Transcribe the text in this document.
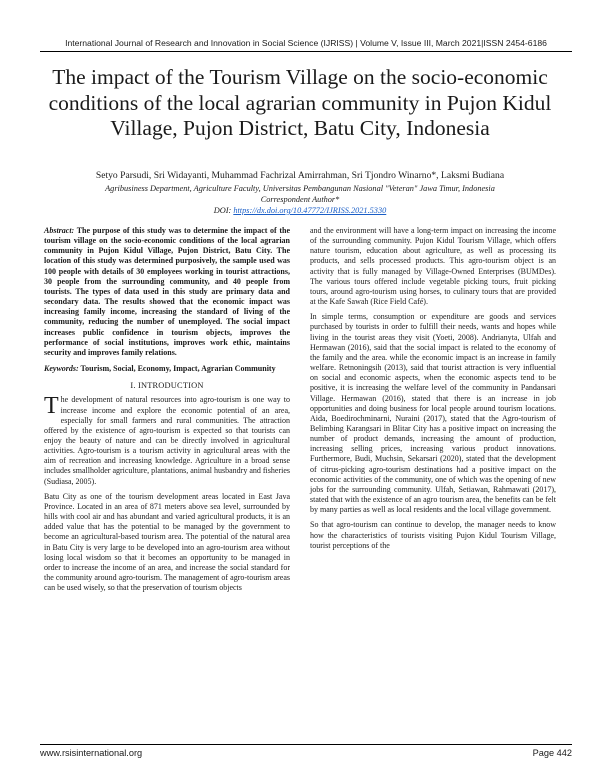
International Journal of Research and Innovation in Social Science (IJRISS) | Volume V, Issue III, March 2021|ISSN 2454-6186
The impact of the Tourism Village on the socio-economic conditions of the local agrarian community in Pujon Kidul Village, Pujon District, Batu City, Indonesia
Setyo Parsudi, Sri Widayanti, Muhammad Fachrizal Amirrahman, Sri Tjondro Winarno*, Laksmi Budiana
Agribusiness Department, Agriculture Faculty, Universitas Pembangunan Nasional "Veteran" Jawa Timur, Indonesia
Correspondent Author*
DOI: https://dx.doi.org/10.47772/IJRISS.2021.5330

Abstract: The purpose of this study was to determine the impact of the tourism village on the socio-economic conditions of the local agrarian community in Pujon Kidul Village, Pujon District, Batu City. The location of this study was determined purposively, the sample used was 100 people with details of 30 employees working in tourist attractions, 30 people from the surrounding community, and 40 people from tourists. The types of data used in this study are primary data and secondary data. The results showed that the economic impact was increasing family income, increasing the standard of living of the community, reducing the number of unemployed. The social impact increases public confidence in tourism objects, improves the performance of social institutions, improves work ethic, maintains security and improves family relations.

Keywords: Tourism, Social, Economy, Impact, Agrarian Community

I. INTRODUCTION

The development of natural resources into agro-tourism is one way to increase income and explore the economic potential of an area, especially for small farmers and rural communities. The attraction offered by the existence of agro-tourism is expected so that tourists can enjoy the beauty of nature and can be directly involved in agricultural activities. Agro-tourism is a tourism activity in agricultural areas with the aim of recreation and increasing knowledge. Agriculture in a broad sense includes smallholder agriculture, plantations, animal husbandry and fisheries (Sudiasa, 2005).

Batu City as one of the tourism development areas located in East Java Province. Located in an area of 871 meters above sea level, surrounded by hills with cool air and has abundant and varied agricultural products, it is an added value that has the potential to be managed by the government to become an agricultural-based tourism area. The potential of the natural area in Batu City is very large to be developed into an agro-tourism area without losing local wisdom so that it becomes an opportunity to be managed in order to increase the income of an area, and increase the social standard for the community around agro-tourism. The management of agro-tourism areas can be used wisely, so that the preservation of tourism objects

and the environment will have a long-term impact on increasing the income of the surrounding community. Pujon Kidul Tourism Village, which offers nature tourism, education about agriculture, as well as processing its products, and sells processed products. This agro-tourism object is an activity that is fully managed by Village-Owned Enterprises (BUMDes). The various tours offered include vegetable picking tours, fruit picking tours, around agro-tourism using horses, to culinary tours that are provided at the Kafe Sawah (Rice Field Café).

In simple terms, consumption or expenditure are goods and services purchased by tourists in order to fulfill their needs, wants and hopes while living in the tourist areas they visit (Yoeti, 2008). Andrianyta, Ulfah and Hermawan (2016), said that the social impact is related to the economy of the family and the area. while the economic impact is an increase in family welfare. Retnoningsih (2013), said that tourist attraction is very influential on social and economic aspects, when the economic aspects tend to be positive, it is increasing the welfare level of the community in Pandansari Village. Hermawan (2016), stated that there is an increase in job opportunities and doing business for local people around tourism locations. Aida, Boedirochminarni, Nuraini (2017), stated that the Agro-tourism of Belimbing Karangsari in Blitar City has a positive impact on increasing the number of product demands, increasing the amount of production, increasing selling prices, increasing various product innovations. Furthermore, Budi, Muchsin, Sekarsari (2020), stated that the development of citrus-picking agro-tourism destinations had a positive impact on the economic activities of the community, one of which was the opening of new jobs for the surrounding community. Ulfah, Setiawan, Rahmawati (2017), stated that with the existence of an agro tourism area, the benefits can be felt by many parties as well as local residents and the local village government.

So that agro-tourism can continue to develop, the manager needs to know how the characteristics of tourists visiting Pujon Kidul Tourism Village, tourist perceptions of the

www.rsisinternational.org	Page 442
